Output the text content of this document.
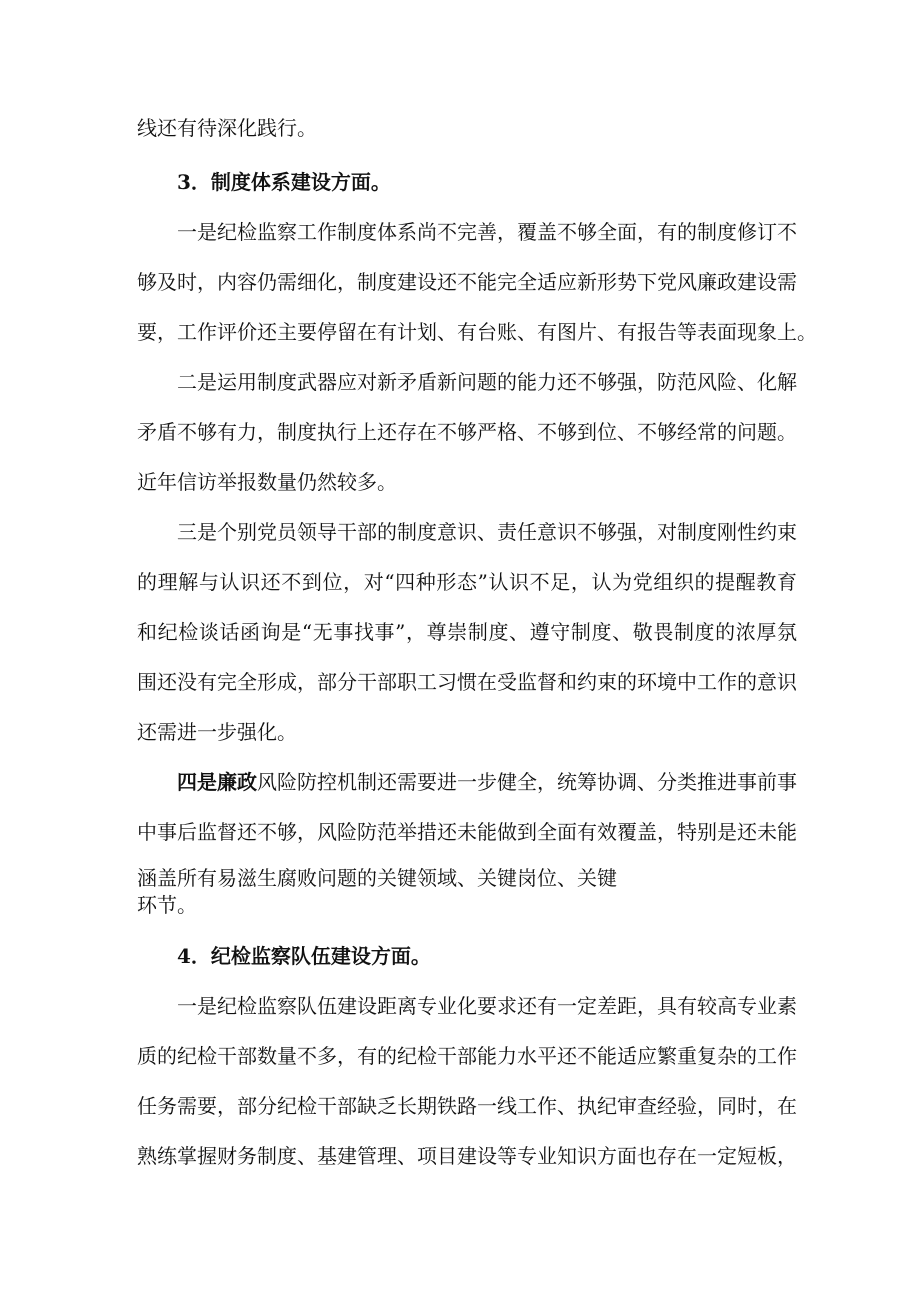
线还有待深化践行。
3．制度体系建设方面。
一是纪检监察工作制度体系尚不完善，覆盖不够全面，有的制度修订不
够及时，内容仍需细化，制度建设还不能完全适应新形势下党风廉政建设需
要，工作评价还主要停留在有计划、有台账、有图片、有报告等表面现象上。
二是运用制度武器应对新矛盾新问题的能力还不够强，防范风险、化解
矛盾不够有力，制度执行上还存在不够严格、不够到位、不够经常的问题。
近年信访举报数量仍然较多。
三是个别党员领导干部的制度意识、责任意识不够强，对制度刚性约束
的理解与认识还不到位，对“四种形态”认识不足，认为党组织的提醒教育
和纪检谈话函询是“无事找事”，尊崇制度、遵守制度、敬畏制度的浓厚氛
围还没有完全形成，部分干部职工习惯在受监督和约束的环境中工作的意识
还需进一步强化。
四是廉政风险防控机制还需要进一步健全，统筹协调、分类推进事前事
中事后监督还不够，风险防范举措还未能做到全面有效覆盖，特别是还未能
涵盖所有易滋生腐败问题的关键领域、关键岗位、关键
环节。
4．纪检监察队伍建设方面。
一是纪检监察队伍建设距离专业化要求还有一定差距，具有较高专业素
质的纪检干部数量不多，有的纪检干部能力水平还不能适应繁重复杂的工作
任务需要，部分纪检干部缺乏长期铁路一线工作、执纪审查经验，同时，在
熟练掌握财务制度、基建管理、项目建设等专业知识方面也存在一定短板，
